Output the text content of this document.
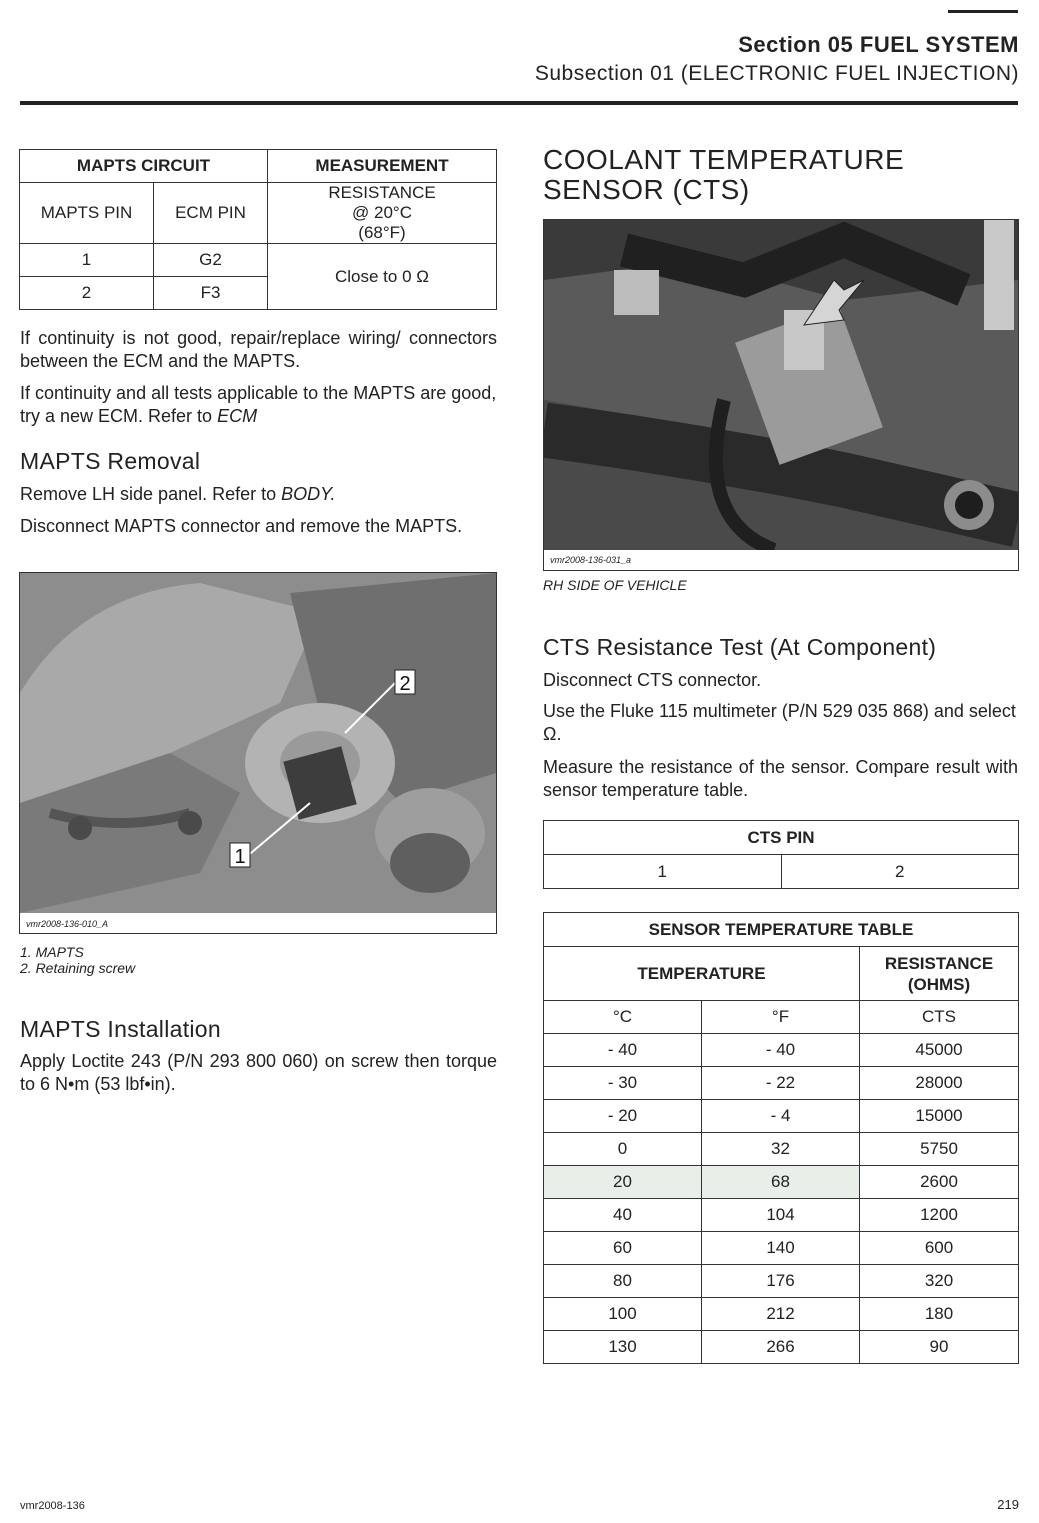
Section 05 FUEL SYSTEM
Subsection 01 (ELECTRONIC FUEL INJECTION)
MAPTS CIRCUIT		MEASUREMENT
MAPTS PIN	ECM PIN	RESISTANCE @ 20°C (68°F)
1	G2	Close to 0 Ω
2	F3	
If continuity is not good, repair/replace wiring/ connectors between the ECM and the MAPTS.
If continuity and all tests applicable to the MAPTS are good, try a new ECM. Refer to ECM
MAPTS Removal
Remove LH side panel. Refer to BODY.
Disconnect MAPTS connector and remove the MAPTS.
1
2
vmr2008-136-010_A
1. MAPTS
2. Retaining screw
MAPTS Installation
Apply Loctite 243 (P/N 293 800 060) on screw then torque to 6 N•m (53 lbf•in).
COOLANT TEMPERATURE
SENSOR (CTS)
vmr2008-136-031_a
RH SIDE OF VEHICLE
CTS Resistance Test (At Component)
Disconnect CTS connector.
Use the Fluke 115 multimeter (P/N 529 035 868) and select Ω.
Measure the resistance of the sensor. Compare result with sensor temperature table.
CTS PIN
1	2
SENSOR TEMPERATURE TABLE		
TEMPERATURE		RESISTANCE (OHMS)
°C	°F	CTS
- 40	- 40	45000
- 30	- 22	28000
- 20	- 4	15000
0	32	5750
20	68	2600
40	104	1200
60	140	600
80	176	320
100	212	180
130	266	90
vmr2008-136	219
